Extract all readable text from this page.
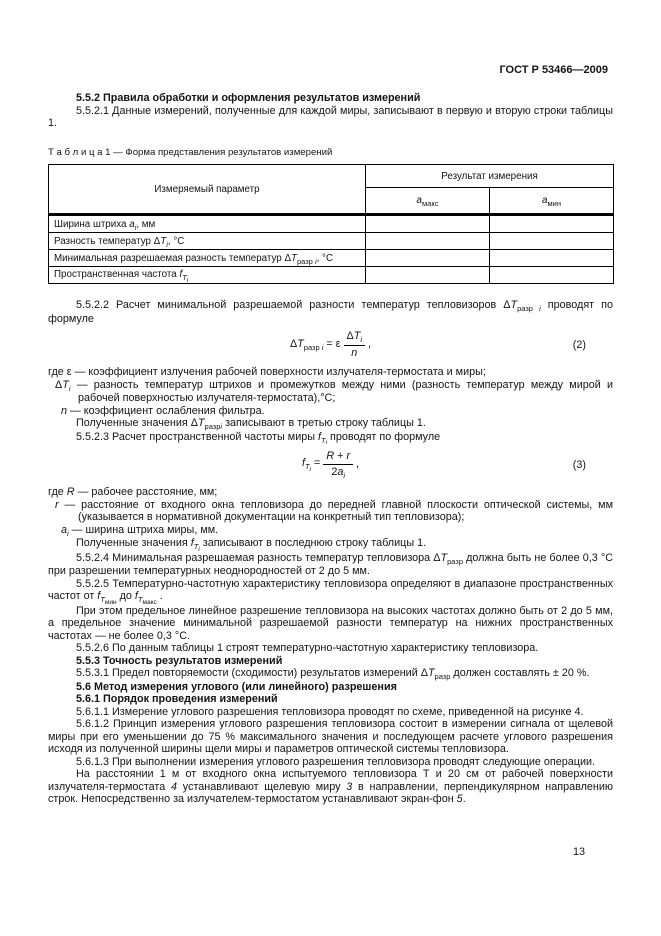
ГОСТ Р 53466—2009

5.5.2 Правила обработки и оформления результатов измерений

5.5.2.1 Данные измерений, полученные для каждой миры, записывают в первую и вторую строки таблицы 1.

Т а б л и ц а 1 — Форма представления результатов измерений
Измеряемый параметр	Результат измерения	
	$a_{макс}$	$a_{мин}$
Ширина штриха $a_i$, мм		
Разность температур $\Delta T_i$, °С		
Минимальная разрешаемая разность температур $\Delta T_{разр}$ $_i$, °С		
Пространственная частота $f_{Ti}$		

5.5.2.2 Расчет минимальной разрешаемой разности температур тепловизоров $\Delta T_{разр}$ $_i$ проводят по формуле

$\Delta T_{разр}$ $_i$ = ε $\frac{\Delta T_i}{n}$ ,	(2)

где ε — коэффициент излучения рабочей поверхности излучателя-термостата и миры;

$\Delta T_i$ — разность температур штрихов и промежутков между ними (разность температур между мирой и рабочей поверхностью излучателя-термостата),°С;

n — коэффициент ослабления фильтра.

Полученные значения $\Delta T_{разрi}$ записывают в третью строку таблицы 1.

5.5.2.3 Расчет пространственной частоты миры $f_{Ti}$ проводят по формуле

$f_{Ti} = \frac{R + r}{2a_i}$ ,	(3)

где R — рабочее расстояние, мм;

r — расстояние от входного окна тепловизора до передней главной плоскости оптической системы, мм (указывается в нормативной документации на конкретный тип тепловизора);

$a_i$ — ширина штриха миры, мм.

Полученные значения $f_{Ti}$ записывают в последнюю строку таблицы 1.

5.5.2.4 Минимальная разрешаемая разность температур тепловизора $\Delta T_{разр}$ должна быть не более 0,3 °С при разрешении температурных неоднородностей от 2 до 5 мм.

5.5.2.5 Температурно-частотную характеристику тепловизора определяют в диапазоне пространственных частот от $f_{Tмин}$ до $f_{Tмакс}$ .

При этом предельное линейное разрешение тепловизора на высоких частотах должно быть от 2 до 5 мм, а предельное значение минимальной разрешаемой разности температур на нижних пространственных частотах — не более 0,3 °С.

5.5.2.6 По данным таблицы 1 строят температурно-частотную характеристику тепловизора.

5.5.3 Точность результатов измерений

5.5.3.1 Предел повторяемости (сходимости) результатов измерений $\Delta T_{разр}$ должен составлять ± 20 %.

5.6 Метод измерения углового (или линейного) разрешения

5.6.1 Порядок проведения измерений

5.6.1.1 Измерение углового разрешения тепловизора проводят по схеме, приведенной на рисунке 4.

5.6.1.2 Принцип измерения углового разрешения тепловизора состоит в измерении сигнала от щелевой миры при его уменьшении до 75 % максимального значения и последующем расчете углового разрешения исходя из полученной ширины щели миры и параметров оптической системы тепловизора.

5.6.1.3 При выполнении измерения углового разрешения тепловизора проводят следующие операции.

На расстоянии 1 м от входного окна испытуемого тепловизора Т и 20 см от рабочей поверхности излучателя-термостата 4 устанавливают щелевую миру 3 в направлении, перпендикулярном направлению строк. Непосредственно за излучателем-термостатом устанавливают экран-фон 5.

13
